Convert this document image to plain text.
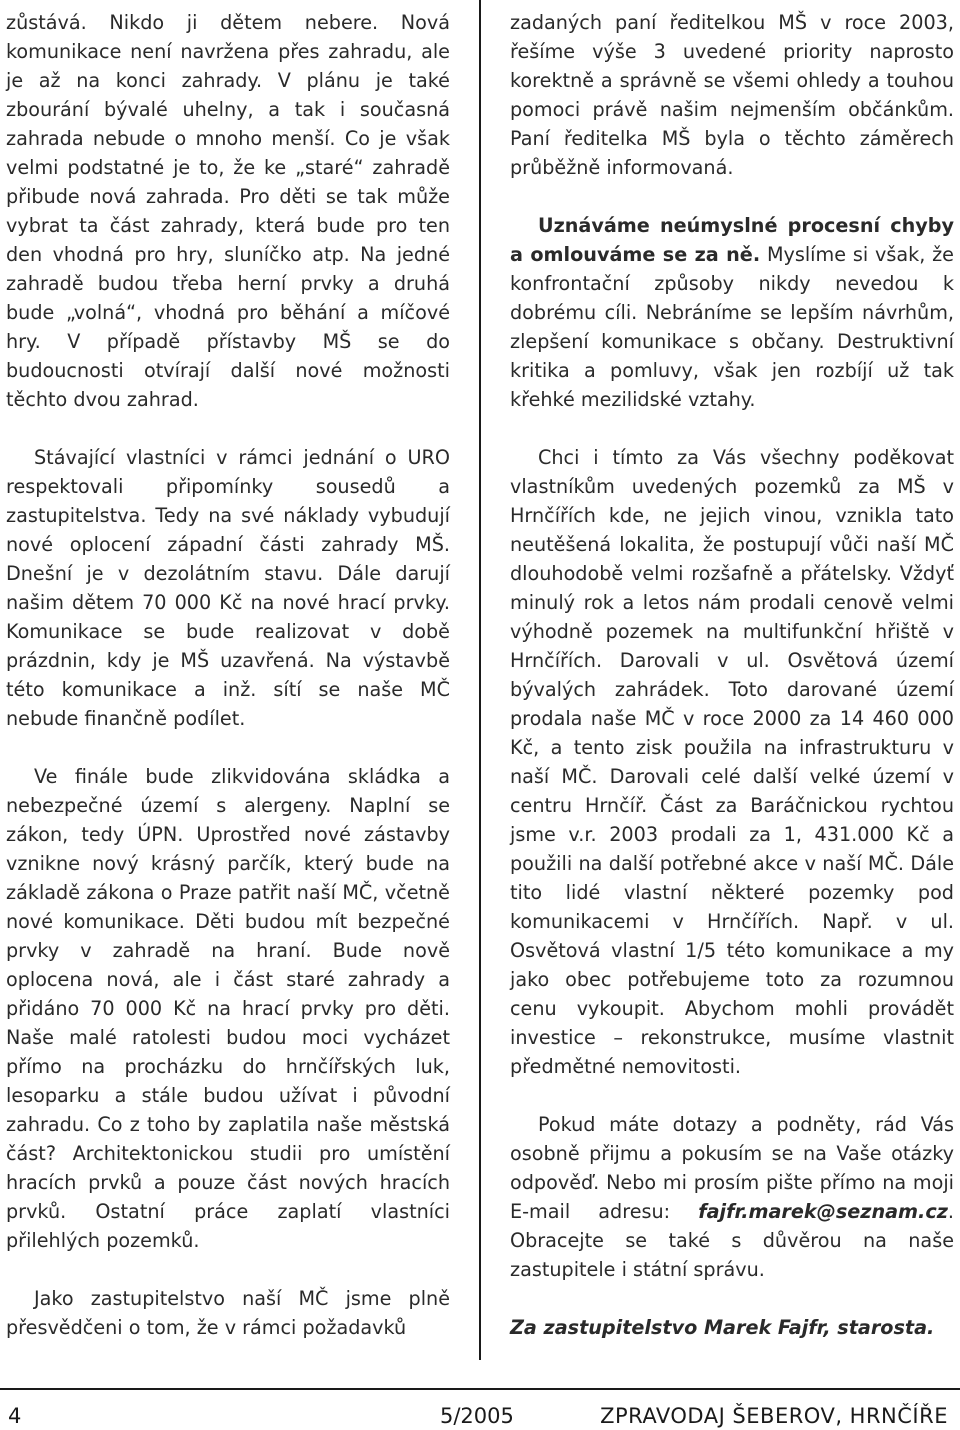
zůstává. Nikdo ji dětem nebere. Nová komunikace není navržena přes zahradu, ale je až na konci zahrady. V plánu je také zbourání bývalé uhelny, a tak i současná zahrada nebude o mnoho menší. Co je však velmi podstatné je to, že ke „staré“ zahradě přibude nová zahrada. Pro děti se tak může vybrat ta část zahrady, která bude pro ten den vhodná pro hry, sluníčko atp. Na jedné zahradě budou třeba herní prvky a druhá bude „volná“, vhodná pro běhání a míčové hry. V případě přístavby MŠ se do budoucnosti otvírají další nové možnosti těchto dvou zahrad.

Stávající vlastníci v rámci jednání o URO respektovali připomínky sousedů a zastupitelstva. Tedy na své náklady vybudují nové oplocení západní části zahrady MŠ. Dnešní je v dezolátním stavu. Dále darují našim dětem 70 000 Kč na nové hrací prvky. Komunikace se bude realizovat v době prázdnin, kdy je MŠ uzavřená. Na výstavbě této komunikace a inž. sítí se naše MČ nebude finančně podílet.

Ve finále bude zlikvidována skládka a nebezpečné území s alergeny. Naplní se zákon, tedy ÚPN. Uprostřed nové zástavby vznikne nový krásný parčík, který bude na základě zákona o Praze patřit naší MČ, včetně nové komunikace. Děti budou mít bezpečné prvky v zahradě na hraní. Bude nově oplocena nová, ale i část staré zahrady a přidáno 70 000 Kč na hrací prvky pro děti. Naše malé ratolesti budou moci vycházet přímo na procházku do hrnčířských luk, lesoparku a stále budou užívat i původní zahradu. Co z toho by zaplatila naše městská část? Architektonickou studii pro umístění hracích prvků a pouze část nových hracích prvků. Ostatní práce zaplatí vlastníci přilehlých pozemků.

Jako zastupitelstvo naší MČ jsme plně přesvědčeni o tom, že v rámci požadavků

zadaných paní ředitelkou MŠ v roce 2003, řešíme výše 3 uvedené priority naprosto korektně a správně se všemi ohledy a touhou pomoci právě našim nejmenším občánkům. Paní ředitelka MŠ byla o těchto záměrech průběžně informovaná.

Uznáváme neúmyslné procesní chyby a omlouváme se za ně. Myslíme si však, že konfrontační způsoby nikdy nevedou k dobrému cíli. Nebráníme se lepším návrhům, zlepšení komunikace s občany. Destruktivní kritika a pomluvy, však jen rozbíjí už tak křehké mezilidské vztahy.

Chci i tímto za Vás všechny poděkovat vlastníkům uvedených pozemků za MŠ v Hrnčířích kde, ne jejich vinou, vznikla tato neutěšená lokalita, že postupují vůči naší MČ dlouhodobě velmi rozšafně a přátelsky. Vždyť minulý rok a letos nám prodali cenově velmi výhodně pozemek na multifunkční hřiště v Hrnčířích. Darovali v ul. Osvětová území bývalých zahrádek. Toto darované území prodala naše MČ v roce 2000 za 14 460 000 Kč, a tento zisk použila na infrastrukturu v naší MČ. Darovali celé další velké území v centru Hrnčíř. Část za Baráčnickou rychtou jsme v.r. 2003 prodali za 1, 431.000 Kč a použili na další potřebné akce v naší MČ. Dále tito lidé vlastní některé pozemky pod komunikacemi v Hrnčířích. Např. v ul. Osvětová vlastní 1/5 této komunikace a my jako obec potřebujeme toto za rozumnou cenu vykoupit. Abychom mohli provádět investice – rekonstrukce, musíme vlastnit předmětné nemovitosti.

Pokud máte dotazy a podněty, rád Vás osobně přijmu a pokusím se na Vaše otázky odpověď. Nebo mi prosím pište přímo na moji E-mail adresu: fajfr.marek@seznam.cz. Obracejte se také s důvěrou na naše zastupitele i státní správu.

Za zastupitelstvo Marek Fajfr, starosta.

4	5/2005	ZPRAVODAJ ŠEBEROV, HRNČÍŘE
